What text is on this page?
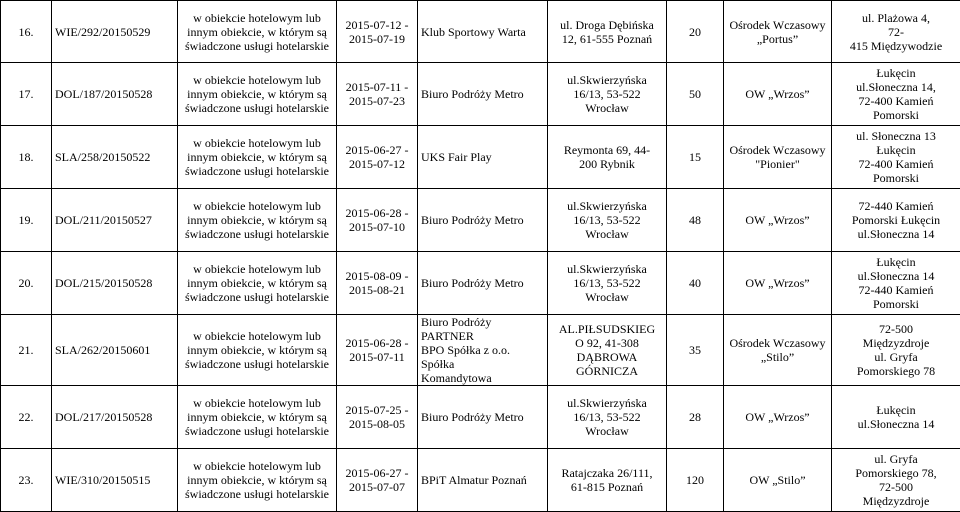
16.	WIE/292/20150529	w obiekcie hotelowym lub
innym obiekcie, w którym są
świadczone usługi hotelarskie	2015-07-12 -
2015-07-19	Klub Sportowy Warta	ul. Droga Dębińska
12, 61-555 Poznań	20	Ośrodek Wczasowy
„Portus”	ul. Plażowa 4,
72-
415 Międzywodzie
17.	DOL/187/20150528	w obiekcie hotelowym lub
innym obiekcie, w którym są
świadczone usługi hotelarskie	2015-07-11 -
2015-07-23	Biuro Podróży Metro	ul.Skwierzyńska
16/13, 53-522
Wrocław	50	OW „Wrzos”	Łukęcin
ul.Słoneczna 14,
72-400 Kamień
Pomorski
18.	SLA/258/20150522	w obiekcie hotelowym lub
innym obiekcie, w którym są
świadczone usługi hotelarskie	2015-06-27 -
2015-07-12	UKS Fair Play	Reymonta 69, 44-
200 Rybnik	15	Ośrodek Wczasowy
"Pionier"	ul. Słoneczna 13
Łukęcin
72-400 Kamień
Pomorski
19.	DOL/211/20150527	w obiekcie hotelowym lub
innym obiekcie, w którym są
świadczone usługi hotelarskie	2015-06-28 -
2015-07-10	Biuro Podróży Metro	ul.Skwierzyńska
16/13, 53-522
Wrocław	48	OW „Wrzos”	72-440 Kamień
Pomorski Łukęcin
ul.Słoneczna 14
20.	DOL/215/20150528	w obiekcie hotelowym lub
innym obiekcie, w którym są
świadczone usługi hotelarskie	2015-08-09 -
2015-08-21	Biuro Podróży Metro	ul.Skwierzyńska
16/13, 53-522
Wrocław	40	OW „Wrzos”	Łukęcin
ul.Słoneczna 14
72-440 Kamień
Pomorski
21.	SLA/262/20150601	w obiekcie hotelowym lub
innym obiekcie, w którym są
świadczone usługi hotelarskie	2015-06-28 -
2015-07-11	Biuro Podróży PARTNER
BPO Spółka z o.o. Spółka
Komandytowa	AL.PIŁSUDSKIEG
O 92, 41-308
DĄBROWA
GÓRNICZA	35	Ośrodek Wczasowy
„Stilo”	72-500
Międzyzdroje
ul. Gryfa
Pomorskiego 78
22.	DOL/217/20150528	w obiekcie hotelowym lub
innym obiekcie, w którym są
świadczone usługi hotelarskie	2015-07-25 -
2015-08-05	Biuro Podróży Metro	ul.Skwierzyńska
16/13, 53-522
Wrocław	28	OW „Wrzos”	Łukęcin
ul.Słoneczna 14
23.	WIE/310/20150515	w obiekcie hotelowym lub
innym obiekcie, w którym są
świadczone usługi hotelarskie	2015-06-27 -
2015-07-07	BPiT Almatur Poznań	Ratajczaka 26/111,
61-815 Poznań	120	OW „Stilo”	ul. Gryfa
Pomorskiego 78,
72-500
Międzyzdroje
